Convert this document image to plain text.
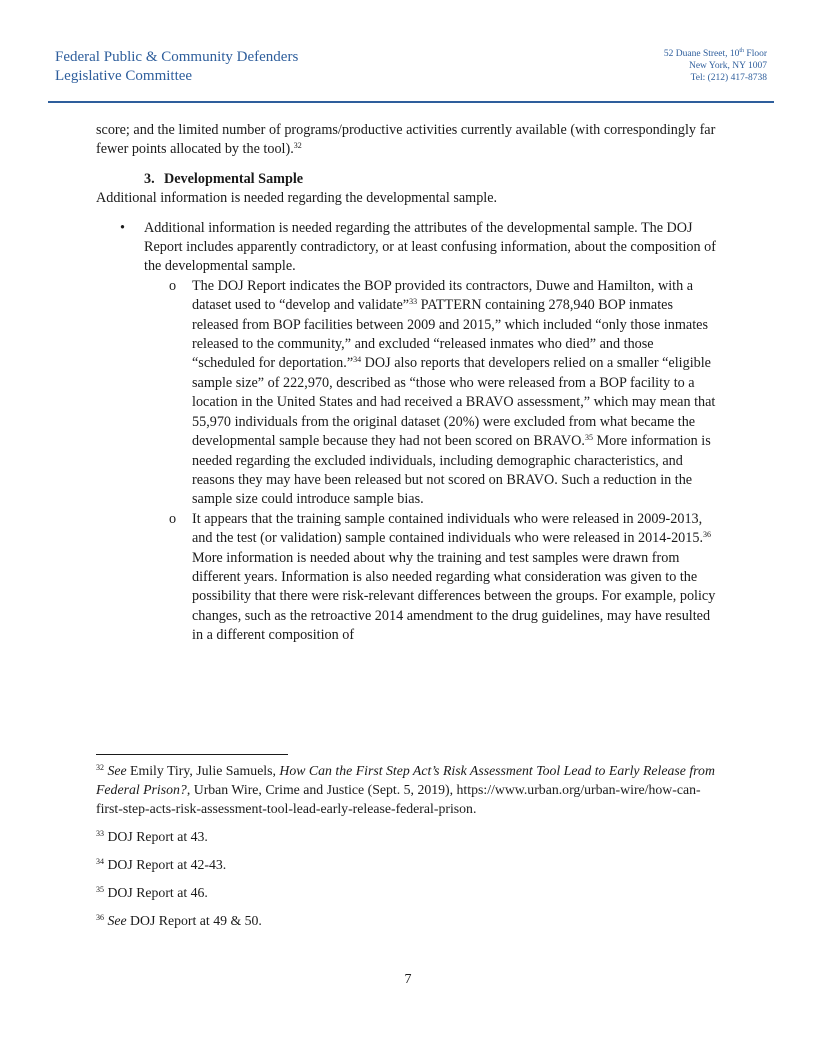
Federal Public & Community Defenders
Legislative Committee
52 Duane Street, 10th Floor
New York, NY 1007
Tel: (212) 417-8738

score; and the limited number of programs/productive activities currently available (with correspondingly far fewer points allocated by the tool).$^{32}$

3. Developmental Sample

Additional information is needed regarding the developmental sample.

• Additional information is needed regarding the attributes of the developmental sample. The DOJ Report includes apparently contradictory, or at least confusing information, about the composition of the developmental sample.
o The DOJ Report indicates the BOP provided its contractors, Duwe and Hamilton, with a dataset used to “develop and validate”$^{33}$ PATTERN containing 278,940 BOP inmates released from BOP facilities between 2009 and 2015,” which included “only those inmates released to the community,” and excluded “released inmates who died” and those “scheduled for deportation.”$^{34}$ DOJ also reports that developers relied on a smaller “eligible sample size” of 222,970, described as “those who were released from a BOP facility to a location in the United States and had received a BRAVO assessment,” which may mean that 55,970 individuals from the original dataset (20%) were excluded from what became the developmental sample because they had not been scored on BRAVO.$^{35}$ More information is needed regarding the excluded individuals, including demographic characteristics, and reasons they may have been released but not scored on BRAVO. Such a reduction in the sample size could introduce sample bias.
o It appears that the training sample contained individuals who were released in 2009-2013, and the test (or validation) sample contained individuals who were released in 2014-2015.36 More information is needed about why the training and test samples were drawn from different years. Information is also needed regarding what consideration was given to the possibility that there were risk-relevant differences between the groups. For example, policy changes, such as the retroactive 2014 amendment to the drug guidelines, may have resulted in a different composition of

$^{32}$ See Emily Tiry, Julie Samuels, How Can the First Step Act’s Risk Assessment Tool Lead to Early Release from Federal Prison?, Urban Wire, Crime and Justice (Sept. 5, 2019), https://www.urban.org/urban-wire/how-can-first-step-acts-risk-assessment-tool-lead-early-release-federal-prison.

$^{33}$ DOJ Report at 43.

$^{34}$ DOJ Report at 42-43.

$^{35}$ DOJ Report at 46.

$^{36}$ See DOJ Report at 49 & 50.

7
